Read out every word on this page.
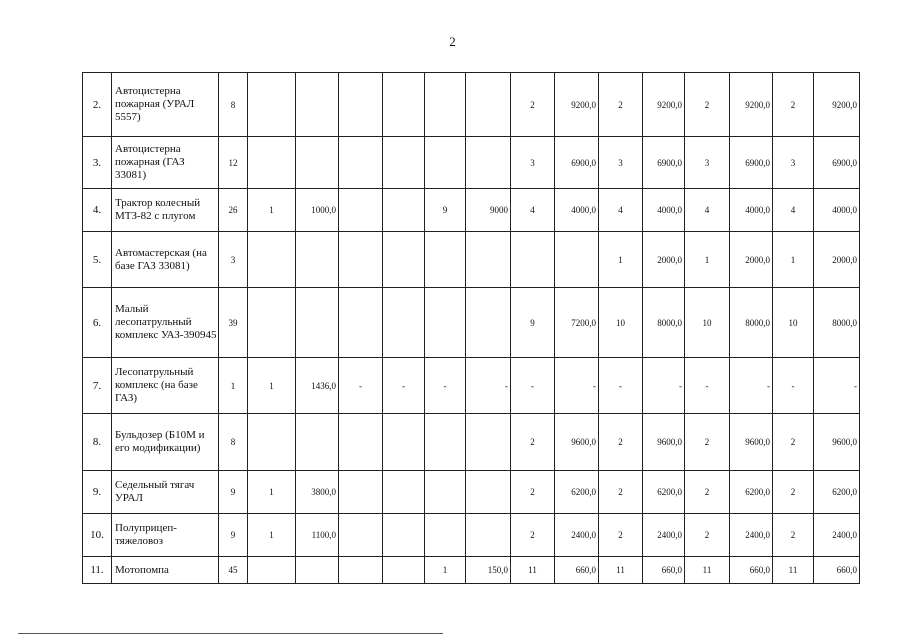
2
2.	Автоцистерна пожарная (УРАЛ 5557)	8							2	9200,0	2	9200,0	2	9200,0	2	9200,0
3.	Автоцистерна пожарная (ГАЗ 33081)	12							3	6900,0	3	6900,0	3	6900,0	3	6900,0
4.	Трактор колесный МТЗ-82 с плугом	26	1	1000,0			9	9000	4	4000,0	4	4000,0	4	4000,0	4	4000,0
5.	Автомастерская (на базе ГАЗ 33081)	3									1	2000,0	1	2000,0	1	2000,0
6.	Малый лесопатрульный комплекс УАЗ-390945	39							9	7200,0	10	8000,0	10	8000,0	10	8000,0
7.	Лесопатрульный комплекс (на базе ГАЗ)	1	1	1436,0	-	-	-	-	-	-	-	-	-	-	-	-
8.	Бульдозер (Б10М и его модификации)	8							2	9600,0	2	9600,0	2	9600,0	2	9600,0
9.	Седельный тягач УРАЛ	9	1	3800,0					2	6200,0	2	6200,0	2	6200,0	2	6200,0
10.	Полуприцеп-тяжеловоз	9	1	1100,0					2	2400,0	2	2400,0	2	2400,0	2	2400,0
11.	Мотопомпа	45					1	150,0	11	660,0	11	660,0	11	660,0	11	660,0
